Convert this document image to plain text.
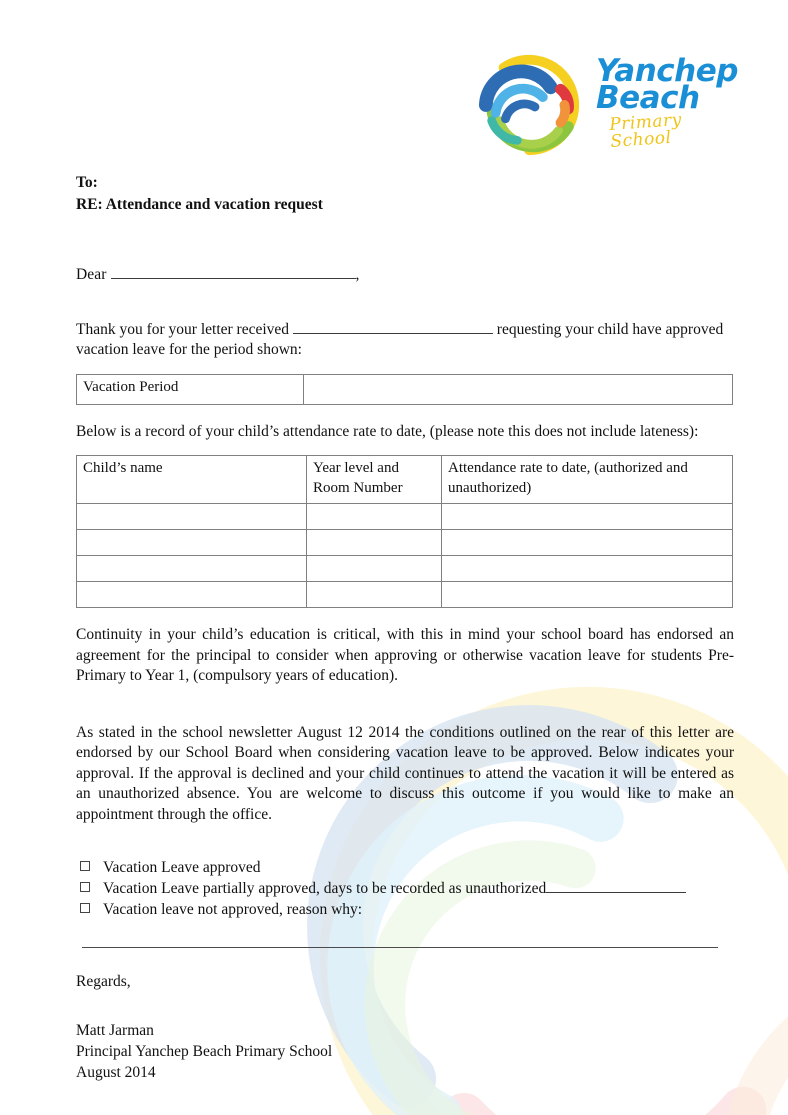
Yanchep
Beach
Primary School
To:
RE: Attendance and vacation request
Dear	,
Thank you for your letter received	requesting your child have approved vacation leave for the period shown:
Vacation Period	
Below is a record of your child’s attendance rate to date, (please note this does not include lateness):
Child’s name	Year level and Room Number	Attendance rate to date, (authorized and unauthorized)

Continuity in your child’s education is critical, with this in mind your school board has endorsed an agreement for the principal to consider when approving or otherwise vacation leave for students Pre-Primary to Year 1, (compulsory years of education).
As stated in the school newsletter August 12 2014 the conditions outlined on the rear of this letter are endorsed by our School Board when considering vacation leave to be approved. Below indicates your approval. If the approval is declined and your child continues to attend the vacation it will be entered as an unauthorized absence. You are welcome to discuss this outcome if you would like to make an appointment through the office.
Vacation Leave approved
Vacation Leave partially approved, days to be recorded as unauthorized
Vacation leave not approved, reason why:
Regards,
Matt Jarman
Principal Yanchep Beach Primary School
August 2014
